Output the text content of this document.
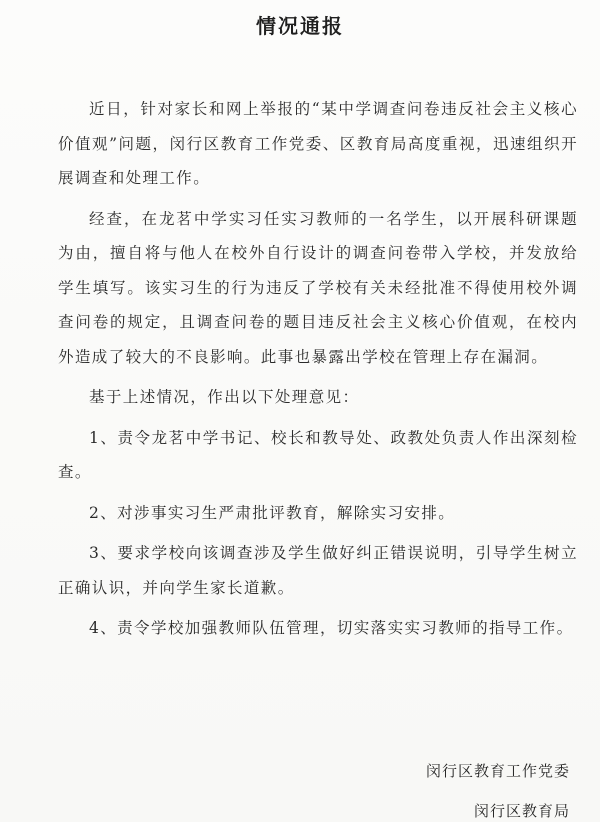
情况通报

近日，针对家长和网上举报的“某中学调查问卷违反社会主义核心价值观”问题，闵行区教育工作党委、区教育局高度重视，迅速组织开展调查和处理工作。

经查，在龙茗中学实习任实习教师的一名学生，以开展科研课题为由，擅自将与他人在校外自行设计的调查问卷带入学校，并发放给学生填写。该实习生的行为违反了学校有关未经批准不得使用校外调查问卷的规定，且调查问卷的题目违反社会主义核心价值观，在校内外造成了较大的不良影响。此事也暴露出学校在管理上存在漏洞。

基于上述情况，作出以下处理意见：

1、责令龙茗中学书记、校长和教导处、政教处负责人作出深刻检查。

2、对涉事实习生严肃批评教育，解除实习安排。

3、要求学校向该调查涉及学生做好纠正错误说明，引导学生树立正确认识，并向学生家长道歉。

4、责令学校加强教师队伍管理，切实落实实习教师的指导工作。

闵行区教育工作党委
闵行区教育局
